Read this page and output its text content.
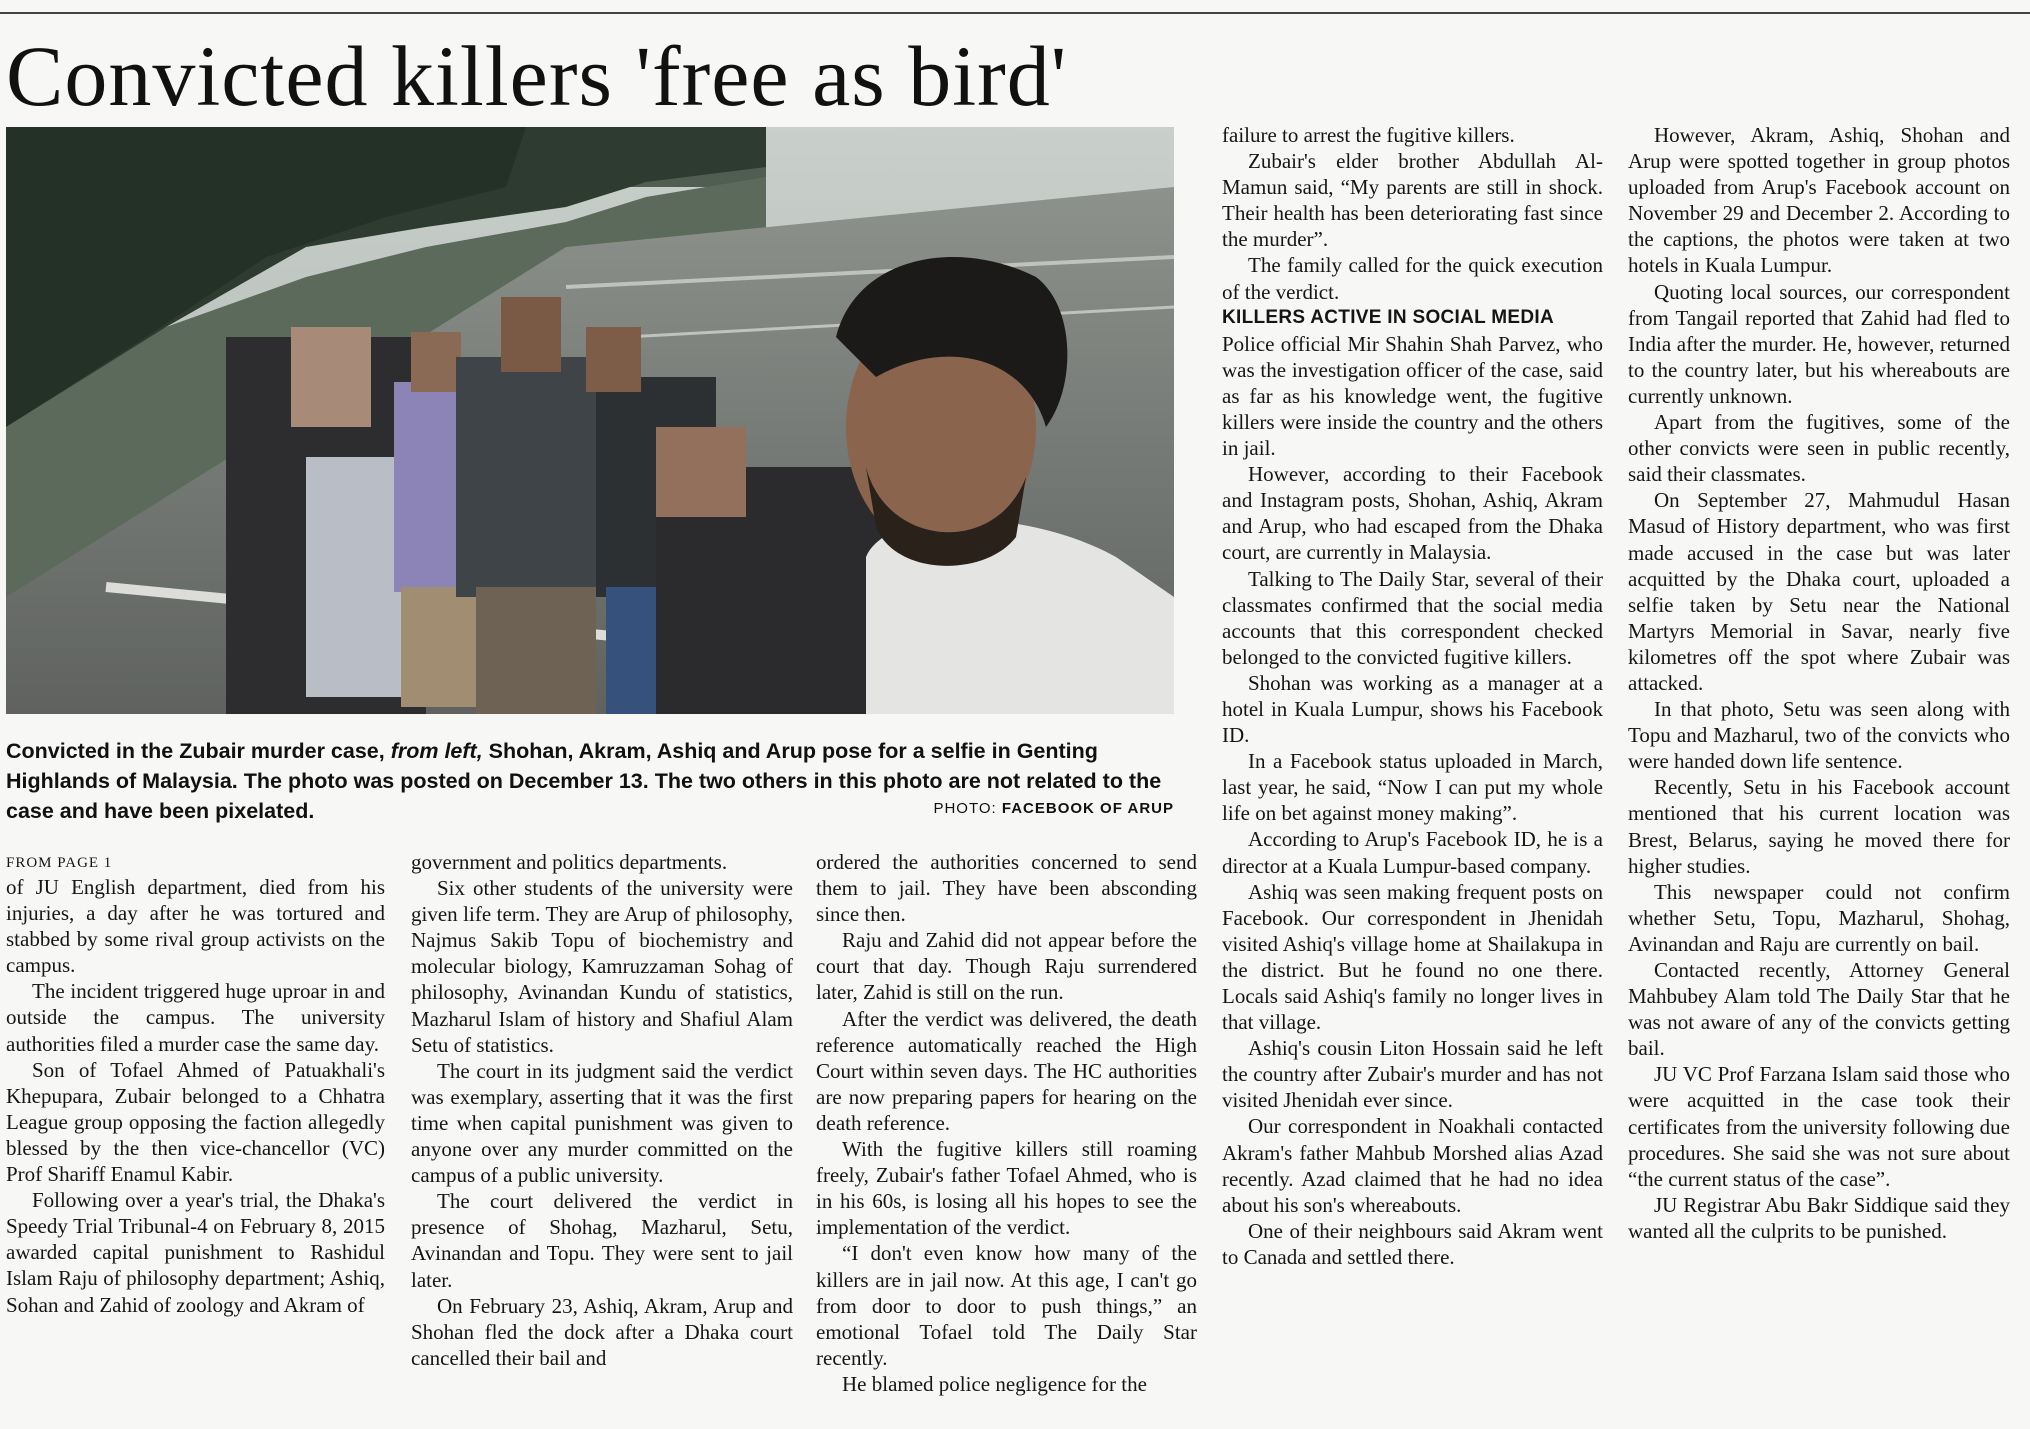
Convicted killers 'free as bird'

Convicted in the Zubair murder case, from left, Shohan, Akram, Ashiq and Arup pose for a selfie in Genting Highlands of Malaysia. The photo was posted on December 13. The two others in this photo are not related to the case and have been pixelated.	PHOTO: FACEBOOK OF ARUP

FROM PAGE 1

of JU English department, died from his injuries, a day after he was tortured and stabbed by some rival group activists on the campus.

The incident triggered huge uproar in and outside the campus. The university authorities filed a murder case the same day.

Son of Tofael Ahmed of Patuakhali's Khepupara, Zubair belonged to a Chhatra League group opposing the faction allegedly blessed by the then vice-chancellor (VC) Prof Shariff Enamul Kabir.

Following over a year's trial, the Dhaka's Speedy Trial Tribunal-4 on February 8, 2015 awarded capital punishment to Rashidul Islam Raju of philosophy department; Ashiq, Sohan and Zahid of zoology and Akram of

government and politics departments.

Six other students of the university were given life term. They are Arup of philosophy, Najmus Sakib Topu of biochemistry and molecular biology, Kamruzzaman Sohag of philosophy, Avinandan Kundu of statistics, Mazharul Islam of history and Shafiul Alam Setu of statistics.

The court in its judgment said the verdict was exemplary, asserting that it was the first time when capital punishment was given to anyone over any murder committed on the campus of a public university.

The court delivered the verdict in presence of Shohag, Mazharul, Setu, Avinandan and Topu. They were sent to jail later.

On February 23, Ashiq, Akram, Arup and Shohan fled the dock after a Dhaka court cancelled their bail and

ordered the authorities concerned to send them to jail. They have been absconding since then.

Raju and Zahid did not appear before the court that day. Though Raju surrendered later, Zahid is still on the run.

After the verdict was delivered, the death reference automatically reached the High Court within seven days. The HC authorities are now preparing papers for hearing on the death reference.

With the fugitive killers still roaming freely, Zubair's father Tofael Ahmed, who is in his 60s, is losing all his hopes to see the implementation of the verdict.

“I don't even know how many of the killers are in jail now. At this age, I can't go from door to door to push things,” an emotional Tofael told The Daily Star recently.

He blamed police negligence for the

failure to arrest the fugitive killers.

Zubair's elder brother Abdullah Al-Mamun said, “My parents are still in shock. Their health has been deteriorating fast since the murder”.

The family called for the quick execution of the verdict.

KILLERS ACTIVE IN SOCIAL MEDIA

Police official Mir Shahin Shah Parvez, who was the investigation officer of the case, said as far as his knowledge went, the fugitive killers were inside the country and the others in jail.

However, according to their Facebook and Instagram posts, Shohan, Ashiq, Akram and Arup, who had escaped from the Dhaka court, are currently in Malaysia.

Talking to The Daily Star, several of their classmates confirmed that the social media accounts that this correspondent checked belonged to the convicted fugitive killers.

Shohan was working as a manager at a hotel in Kuala Lumpur, shows his Facebook ID.

In a Facebook status uploaded in March, last year, he said, “Now I can put my whole life on bet against money making”.

According to Arup's Facebook ID, he is a director at a Kuala Lumpur-based company.

Ashiq was seen making frequent posts on Facebook. Our correspondent in Jhenidah visited Ashiq's village home at Shailakupa in the district. But he found no one there. Locals said Ashiq's family no longer lives in that village.

Ashiq's cousin Liton Hossain said he left the country after Zubair's murder and has not visited Jhenidah ever since.

Our correspondent in Noakhali contacted Akram's father Mahbub Morshed alias Azad recently. Azad claimed that he had no idea about his son's whereabouts.

One of their neighbours said Akram went to Canada and settled there.

However, Akram, Ashiq, Shohan and Arup were spotted together in group photos uploaded from Arup's Facebook account on November 29 and December 2. According to the captions, the photos were taken at two hotels in Kuala Lumpur.

Quoting local sources, our correspondent from Tangail reported that Zahid had fled to India after the murder. He, however, returned to the country later, but his whereabouts are currently unknown.

Apart from the fugitives, some of the other convicts were seen in public recently, said their classmates.

On September 27, Mahmudul Hasan Masud of History department, who was first made accused in the case but was later acquitted by the Dhaka court, uploaded a selfie taken by Setu near the National Martyrs Memorial in Savar, nearly five kilometres off the spot where Zubair was attacked.

In that photo, Setu was seen along with Topu and Mazharul, two of the convicts who were handed down life sentence.

Recently, Setu in his Facebook account mentioned that his current location was Brest, Belarus, saying he moved there for higher studies.

This newspaper could not confirm whether Setu, Topu, Mazharul, Shohag, Avinandan and Raju are currently on bail.

Contacted recently, Attorney General Mahbubey Alam told The Daily Star that he was not aware of any of the convicts getting bail.

JU VC Prof Farzana Islam said those who were acquitted in the case took their certificates from the university following due procedures. She said she was not sure about “the current status of the case”.

JU Registrar Abu Bakr Siddique said they wanted all the culprits to be punished.
